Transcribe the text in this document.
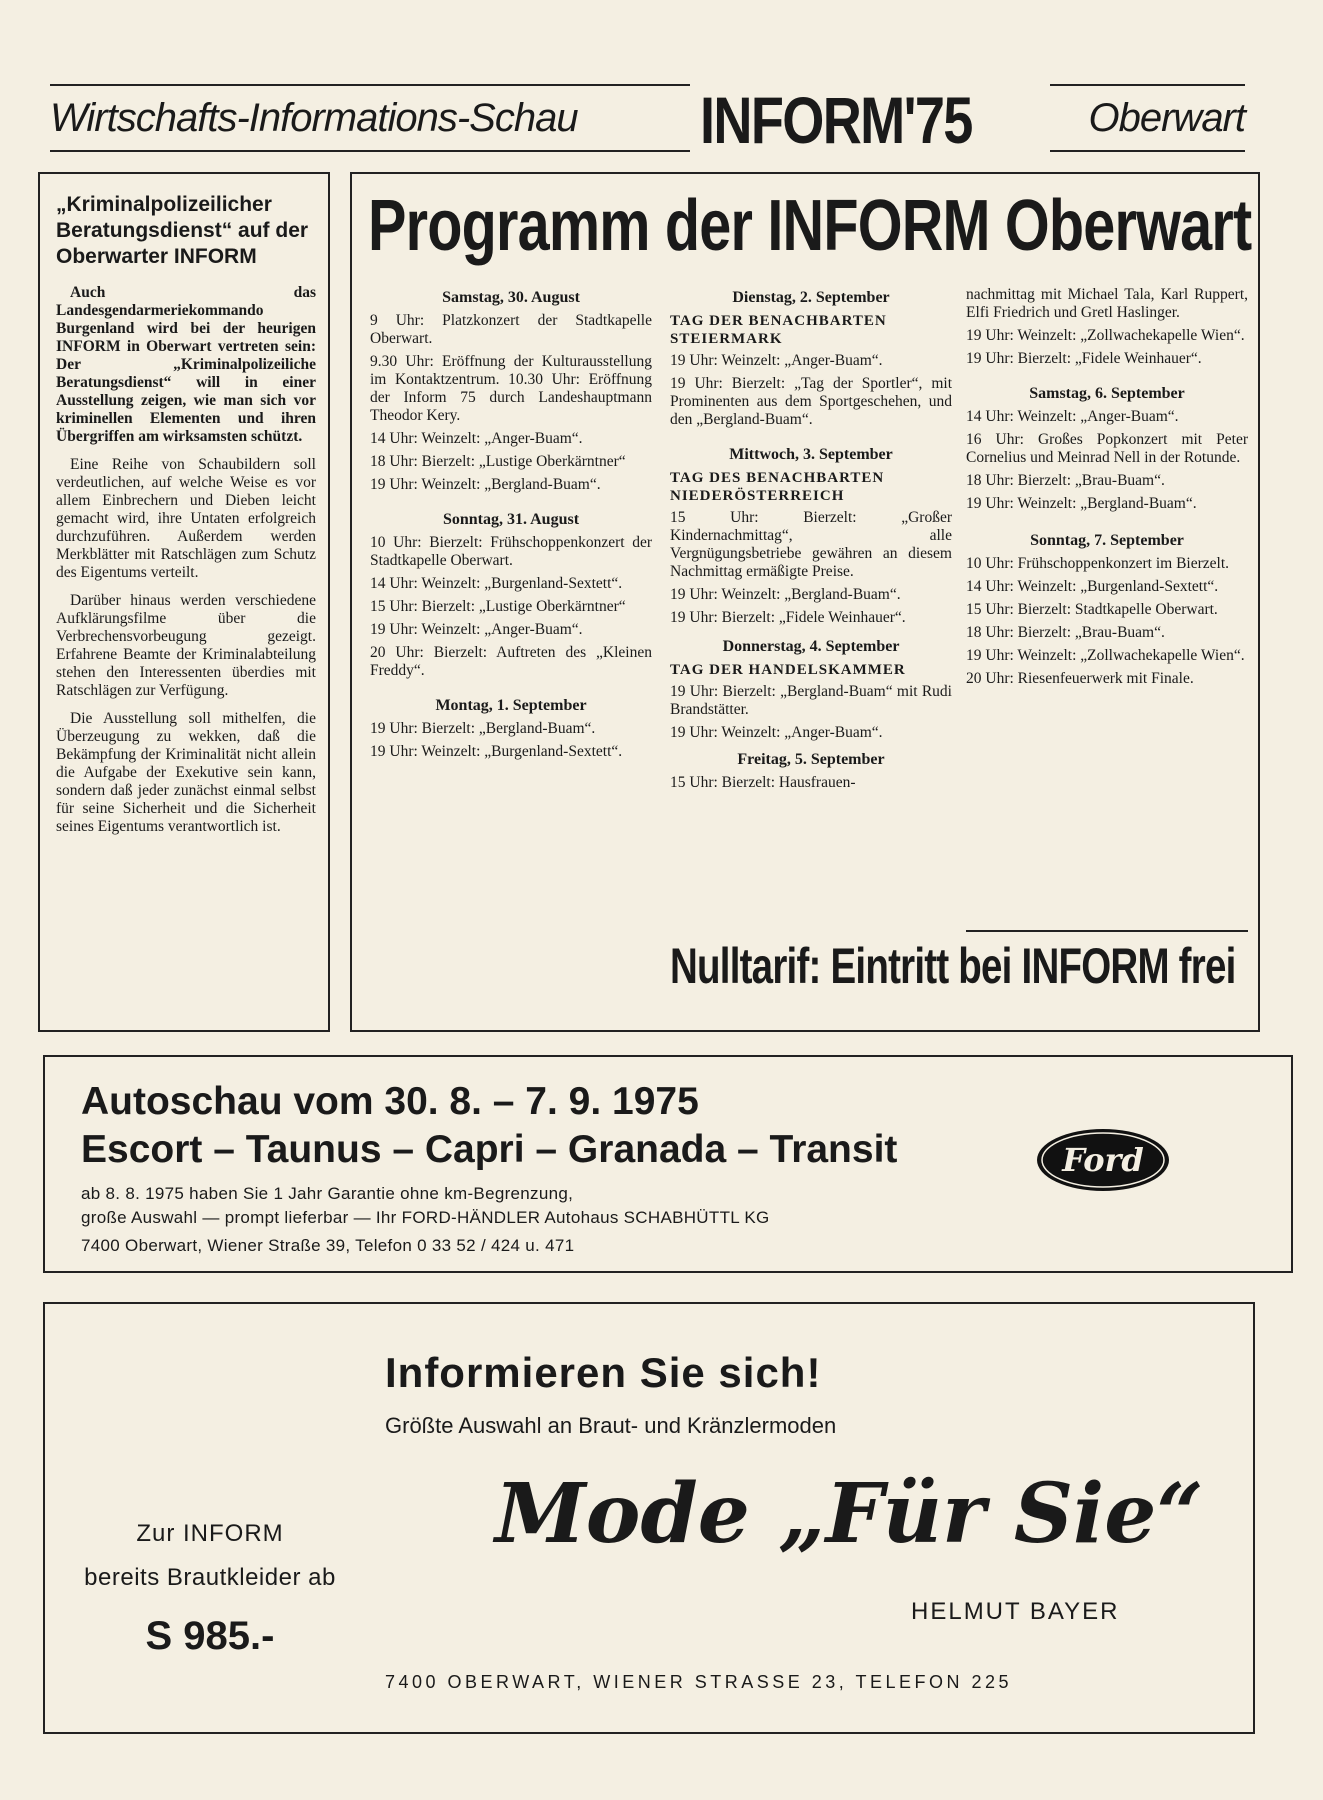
Wirtschafts-Informations-Schau INFORM'75	Oberwart
„Kriminalpolizeilicher Beratungsdienst“ auf der Oberwarter INFORM

Auch das Landesgendarmeriekommando Burgenland wird bei der heurigen INFORM in Oberwart vertreten sein: Der „Kriminalpolizeiliche Beratungsdienst“ will in einer Ausstellung zeigen, wie man sich vor kriminellen Elementen und ihren Übergriffen am wirksamsten schützt.

Eine Reihe von Schaubildern soll verdeutlichen, auf welche Weise es vor allem Einbrechern und Dieben leicht gemacht wird, ihre Untaten erfolgreich durchzuführen. Außerdem werden Merkblätter mit Ratschlägen zum Schutz des Eigentums verteilt.

Darüber hinaus werden verschiedene Aufklärungsfilme über die Verbrechensvorbeugung gezeigt. Erfahrene Beamte der Kriminalabteilung stehen den Interessenten überdies mit Ratschlägen zur Verfügung.

Die Ausstellung soll mithelfen, die Überzeugung zu wekken, daß die Bekämpfung der Kriminalität nicht allein die Aufgabe der Exekutive sein kann, sondern daß jeder zunächst einmal selbst für seine Sicherheit und die Sicherheit seines Eigentums verantwortlich ist.

Programm der INFORM Oberwart
Samstag, 30. August

9 Uhr: Platzkonzert der Stadtkapelle Oberwart.

9.30 Uhr: Eröffnung der Kulturausstellung im Kontaktzentrum. 10.30 Uhr: Eröffnung der Inform 75 durch Landeshauptmann Theodor Kery.

14 Uhr: Weinzelt: „Anger-Buam“.

18 Uhr: Bierzelt: „Lustige Oberkärntner“

19 Uhr: Weinzelt: „Bergland-Buam“.

Sonntag, 31. August

10 Uhr: Bierzelt: Frühschoppenkonzert der Stadtkapelle Oberwart.

14 Uhr: Weinzelt: „Burgenland-Sextett“.

15 Uhr: Bierzelt: „Lustige Oberkärntner“

19 Uhr: Weinzelt: „Anger-Buam“.

20 Uhr: Bierzelt: Auftreten des „Kleinen Freddy“.

Montag, 1. September

19 Uhr: Bierzelt: „Bergland-Buam“.

19 Uhr: Weinzelt: „Burgenland-Sextett“.

Dienstag, 2. September
TAG DER BENACHBARTEN STEIERMARK

19 Uhr: Weinzelt: „Anger-Buam“.

19 Uhr: Bierzelt: „Tag der Sportler“, mit Prominenten aus dem Sportgeschehen, und den „Bergland-Buam“.

Mittwoch, 3. September
TAG DES BENACHBARTEN NIEDERÖSTERREICH

15 Uhr: Bierzelt: „Großer Kindernachmittag“, alle Vergnügungsbetriebe gewähren an diesem Nachmittag ermäßigte Preise.

19 Uhr: Weinzelt: „Bergland-Buam“.

19 Uhr: Bierzelt: „Fidele Weinhauer“.

Donnerstag, 4. September
TAG DER HANDELSKAMMER

19 Uhr: Bierzelt: „Bergland-Buam“ mit Rudi Brandstätter.

19 Uhr: Weinzelt: „Anger-Buam“.

Freitag, 5. September

15 Uhr: Bierzelt: Hausfrauen-

nachmittag mit Michael Tala, Karl Ruppert, Elfi Friedrich und Gretl Haslinger.

19 Uhr: Weinzelt: „Zollwachekapelle Wien“.

19 Uhr: Bierzelt: „Fidele Weinhauer“.

Samstag, 6. September

14 Uhr: Weinzelt: „Anger-Buam“.

16 Uhr: Großes Popkonzert mit Peter Cornelius und Meinrad Nell in der Rotunde.

18 Uhr: Bierzelt: „Brau-Buam“.

19 Uhr: Weinzelt: „Bergland-Buam“.

Sonntag, 7. September

10 Uhr: Frühschoppenkonzert im Bierzelt.

14 Uhr: Weinzelt: „Burgenland-Sextett“.

15 Uhr: Bierzelt: Stadtkapelle Oberwart.

18 Uhr: Bierzelt: „Brau-Buam“.

19 Uhr: Weinzelt: „Zollwachekapelle Wien“.

20 Uhr: Riesenfeuerwerk mit Finale.

Nulltarif: Eintritt bei INFORM frei
Autoschau vom 30. 8. – 7. 9. 1975
Escort – Taunus – Capri – Granada – Transit
ab 8. 8. 1975 haben Sie 1 Jahr Garantie ohne km-Begrenzung,
große Auswahl — prompt lieferbar — Ihr FORD-HÄNDLER Autohaus SCHABHÜTTL KG
7400 Oberwart, Wiener Straße 39, Telefon 0 33 52 / 424 u. 471
Ford
Informieren Sie sich!
Größte Auswahl an Braut- und Kränzlermoden
Mode „Für Sie“
HELMUT BAYER
Zur INFORM
bereits Brautkleider ab
S 985.-
7400 OBERWART, WIENER STRASSE 23, TELEFON 225
